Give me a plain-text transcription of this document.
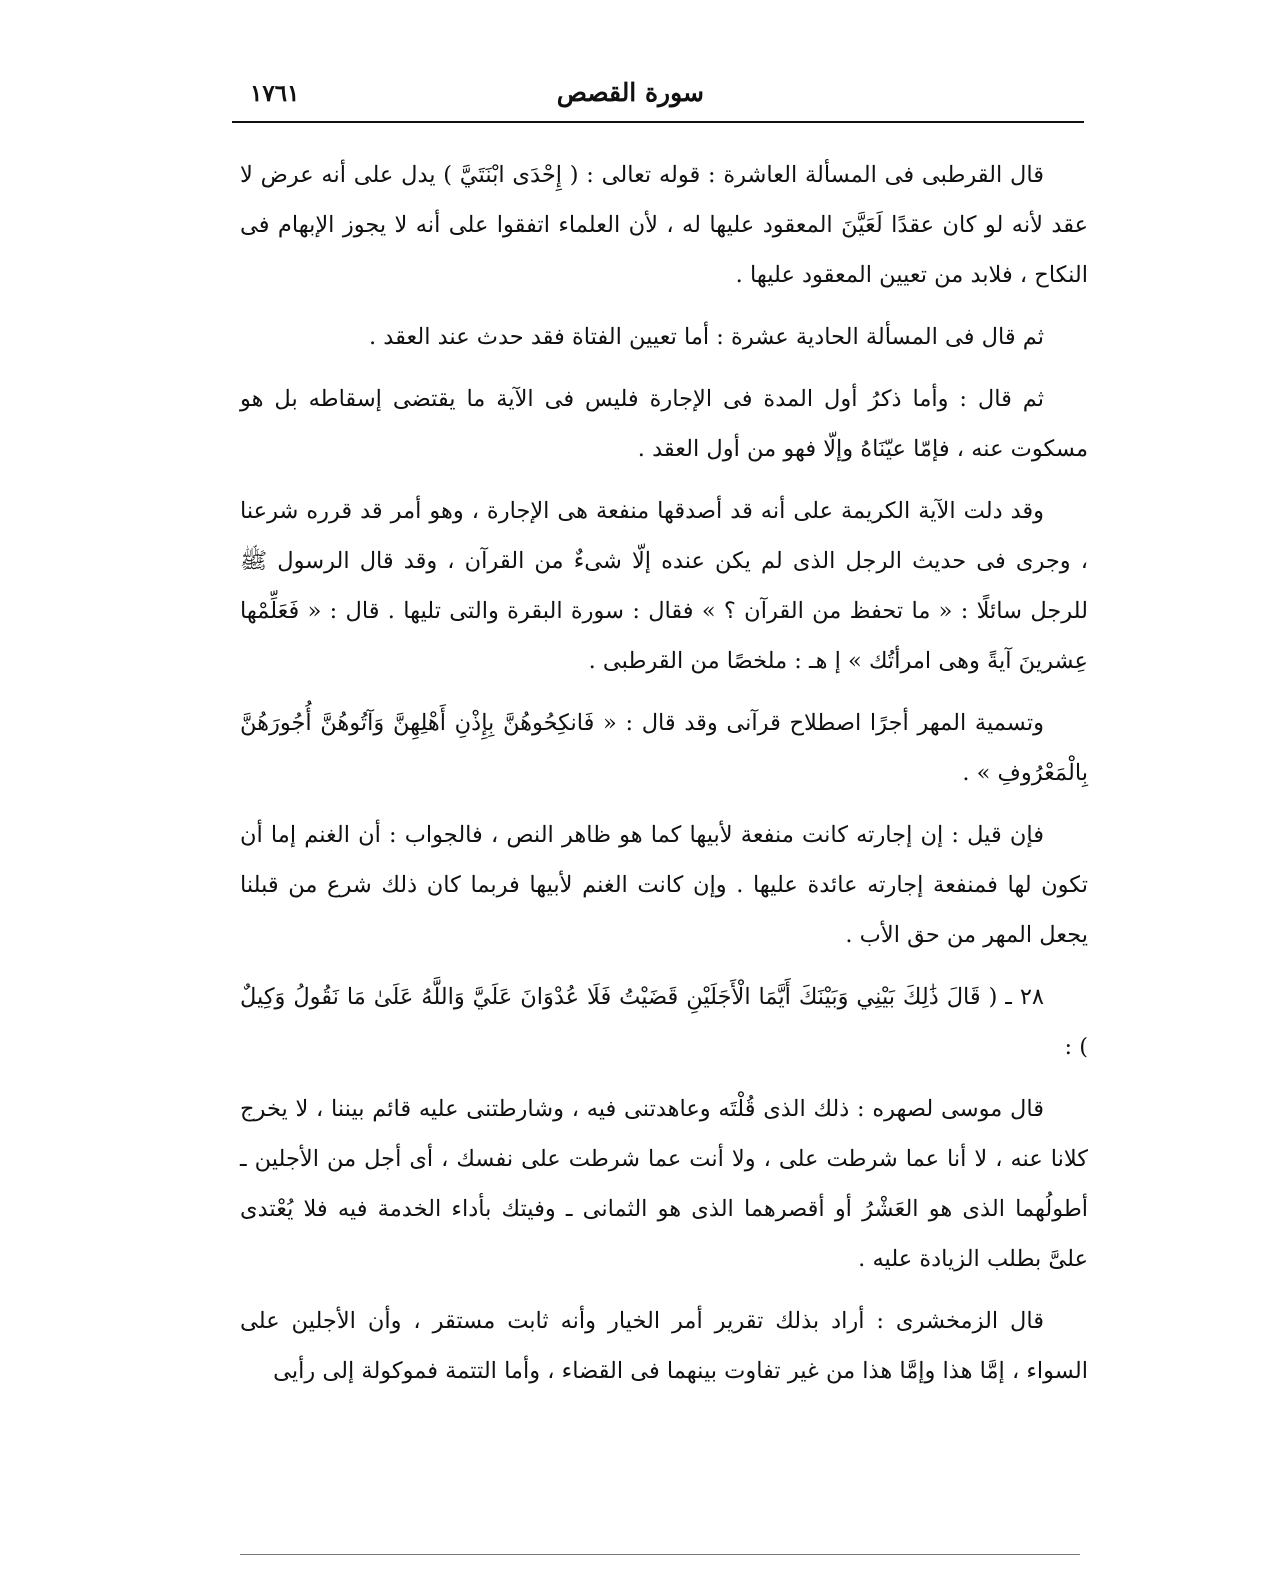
سورة القصص
١٧٦١

قال القرطبى فى المسألة العاشرة : قوله تعالى : ( إِحْدَى ابْنَتَيَّ ) يدل على أنه عرض لا عقد لأنه لو كان عقدًا لَعَيَّنَ المعقود عليها له ، لأن العلماء اتفقوا على أنه لا يجوز الإبهام فى النكاح ، فلابد من تعيين المعقود عليها .

ثم قال فى المسألة الحادية عشرة : أما تعيين الفتاة فقد حدث عند العقد .

ثم قال : وأما ذكرُ أول المدة فى الإجارة فليس فى الآية ما يقتضى إسقاطه بل هو مسكوت عنه ، فإمّا عيّنَاهُ وإلّا فهو من أول العقد .

وقد دلت الآية الكريمة على أنه قد أصدقها منفعة هى الإجارة ، وهو أمر قد قرره شرعنا ، وجرى فى حديث الرجل الذى لم يكن عنده إلّا شىءٌ من القرآن ، وقد قال الرسول ﷺ للرجل سائلًا : « ما تحفظ من القرآن ؟ » فقال : سورة البقرة والتى تليها . قال : « فَعَلِّمْها عِشرينَ آيةً وهى امرأتُك » إ هـ : ملخصًا من القرطبى .

وتسمية المهر أجرًا اصطلاح قرآنى وقد قال : « فَانكِحُوهُنَّ بِإِذْنِ أَهْلِهِنَّ وَآتُوهُنَّ أُجُورَهُنَّ بِالْمَعْرُوفِ » .

فإن قيل : إن إجارته كانت منفعة لأبيها كما هو ظاهر النص ، فالجواب : أن الغنم إما أن تكون لها فمنفعة إجارته عائدة عليها . وإن كانت الغنم لأبيها فربما كان ذلك شرع من قبلنا يجعل المهر من حق الأب .

٢٨ ـ ( قَالَ ذَٰلِكَ بَيْنِي وَبَيْنَكَ أَيَّمَا الْأَجَلَيْنِ قَضَيْتُ فَلَا عُدْوَانَ عَلَيَّ وَاللَّهُ عَلَىٰ مَا نَقُولُ وَكِيلٌ ) :

قال موسى لصهره : ذلك الذى قُلْتَه وعاهدتنى فيه ، وشارطتنى عليه قائم بيننا ، لا يخرج كلانا عنه ، لا أنا عما شرطت على ، ولا أنت عما شرطت على نفسك ، أى أجل من الأجلين ـ أطولُهما الذى هو العَشْرُ أو أقصرهما الذى هو الثمانى ـ وفيتك بأداء الخدمة فيه فلا يُعْتدى علىَّ بطلب الزيادة عليه .

قال الزمخشرى : أراد بذلك تقرير أمر الخيار وأنه ثابت مستقر ، وأن الأجلين على السواء ، إمَّا هذا وإمَّا هذا من غير تفاوت بينهما فى القضاء ، وأما التتمة فموكولة إلى رأيى
